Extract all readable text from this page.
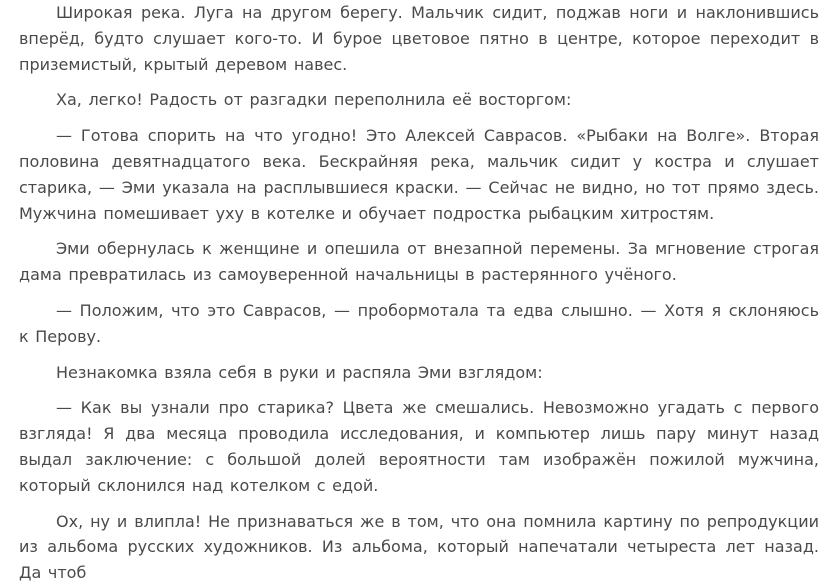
Широкая река. Луга на другом берегу. Мальчик сидит, поджав ноги и наклонившись вперёд, будто слушает кого-то. И бурое цветовое пятно в центре, которое переходит в приземистый, крытый деревом навес.

Ха, легко! Радость от разгадки переполнила её восторгом:

— Готова спорить на что угодно! Это Алексей Саврасов. «Рыбаки на Волге». Вторая половина девятнадцатого века. Бескрайняя река, мальчик сидит у костра и слушает старика, — Эми указала на расплывшиеся краски. — Сейчас не видно, но тот прямо здесь. Мужчина помешивает уху в котелке и обучает подростка рыбацким хитростям.

Эми обернулась к женщине и опешила от внезапной перемены. За мгновение строгая дама превратилась из самоуверенной начальницы в растерянного учёного.

— Положим, что это Саврасов, — пробормотала та едва слышно. — Хотя я склоняюсь к Перову.

Незнакомка взяла себя в руки и распяла Эми взглядом:

— Как вы узнали про старика? Цвета же смешались. Невозможно угадать с первого взгляда! Я два месяца проводила исследования, и компьютер лишь пару минут назад выдал заключение: с большой долей вероятности там изображён пожилой мужчина, который склонился над котелком с едой.

Ох, ну и влипла! Не признаваться же в том, что она помнила картину по репродукции из альбома русских художников. Из альбома, который напечатали четыреста лет назад. Да чтоб
